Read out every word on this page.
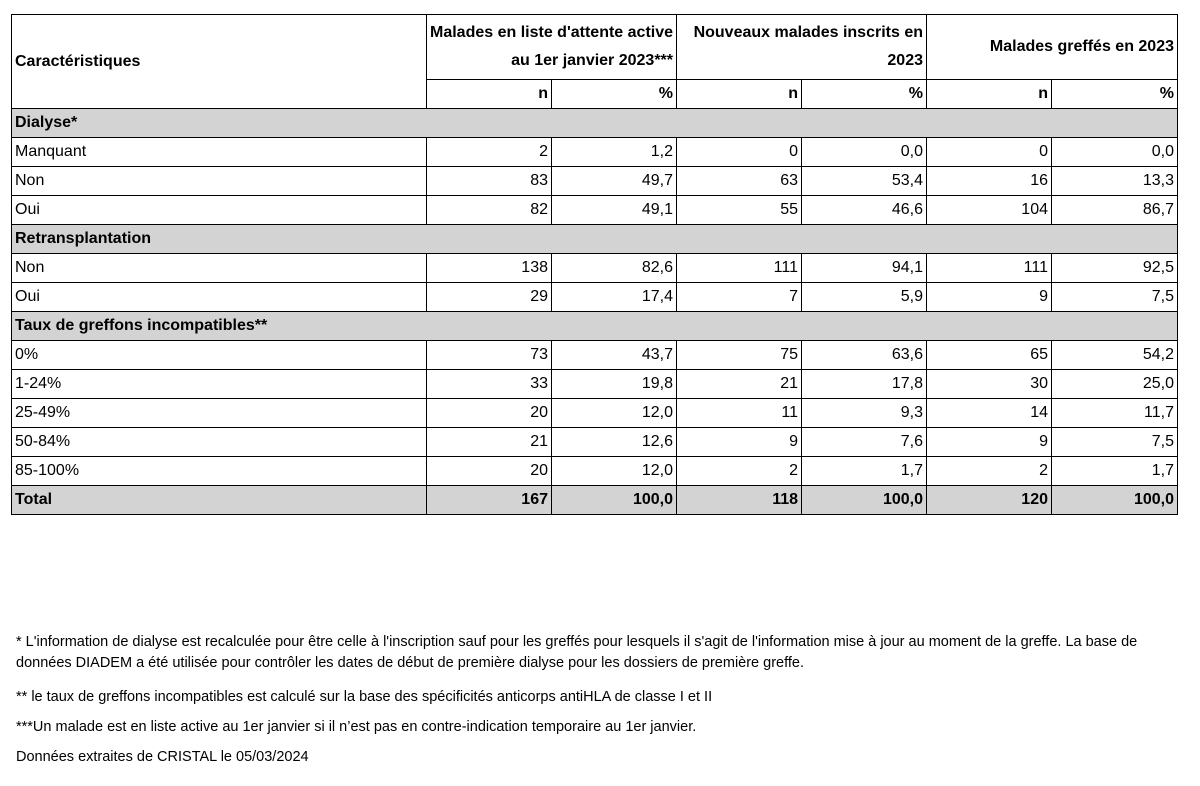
Caractéristiques	Malades en liste d'attente active au 1er janvier 2023***		Nouveaux malades inscrits en 2023		Malades greffés en 2023	
	n	%	n	%	n	%
Dialyse*						
Manquant	2	1,2	0	0,0	0	0,0
Non	83	49,7	63	53,4	16	13,3
Oui	82	49,1	55	46,6	104	86,7
Retransplantation						
Non	138	82,6	111	94,1	111	92,5
Oui	29	17,4	7	5,9	9	7,5
Taux de greffons incompatibles**						
0%	73	43,7	75	63,6	65	54,2
1-24%	33	19,8	21	17,8	30	25,0
25-49%	20	12,0	11	9,3	14	11,7
50-84%	21	12,6	9	7,6	9	7,5
85-100%	20	12,0	2	1,7	2	1,7
Total	167	100,0	118	100,0	120	100,0

* L'information de dialyse est recalculée pour être celle à l'inscription sauf pour les greffés pour lesquels il s'agit de l'information mise à jour au moment de la greffe. La base de données DIADEM a été utilisée pour contrôler les dates de début de première dialyse pour les dossiers de première greffe.

** le taux de greffons incompatibles est calculé sur la base des spécificités anticorps antiHLA de classe I et II

***Un malade est en liste active au 1er janvier si il n’est pas en contre-indication temporaire au 1er janvier.

Données extraites de CRISTAL le 05/03/2024
